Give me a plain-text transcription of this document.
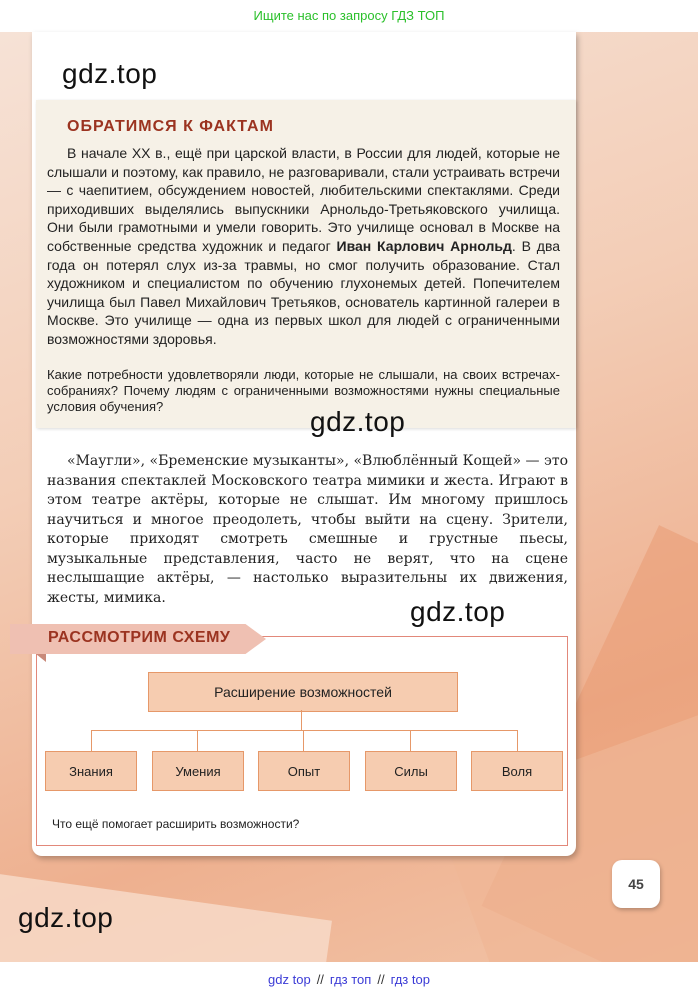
Ищите нас по запросу ГДЗ ТОП
gdz.top
ОБРАТИМСЯ К ФАКТАМ

В начале XX в., ещё при царской власти, в России для людей, которые не слышали и поэтому, как правило, не разговаривали, стали устраивать встречи — с чаепитием, обсуждением новостей, любительскими спектаклями. Среди приходивших выделялись выпускники Арнольдо-Третьяковского училища. Они были грамотными и умели говорить. Это училище основал в Москве на собственные средства художник и педагог Иван Карлович Арнольд. В два года он потерял слух из-за травмы, но смог получить образование. Стал художником и специалистом по обучению глухонемых детей. Попечителем училища был Павел Михайлович Третьяков, основатель картинной галереи в Москве. Это училище — одна из первых школ для людей с ограниченными возможностями здоровья.

Какие потребности удовлетворяли люди, которые не слышали, на своих встречах-собраниях? Почему людям с ограниченными возможностями нужны специальные условия обучения?	gdz.top

«Маугли», «Бременские музыканты», «Влюблённый Кощей» — это названия спектаклей Московского театра мимики и жеста. Играют в этом театре актёры, которые не слышат. Им многому пришлось научиться и многое преодолеть, чтобы выйти на сцену. Зрители, которые приходят смотреть смешные и грустные пьесы, музыкальные представления, часто не верят, что на сцене неслышащие актёры, — настолько выразительны их движения, жесты, мимика.	gdz.top
РАССМОТРИМ СХЕМУ
Расширение возможностей
Знания	Умения	Опыт	Силы	Воля
Что ещё помогает расширить возможности?
45
gdz.top
gdz top // гдз топ // гдз top
